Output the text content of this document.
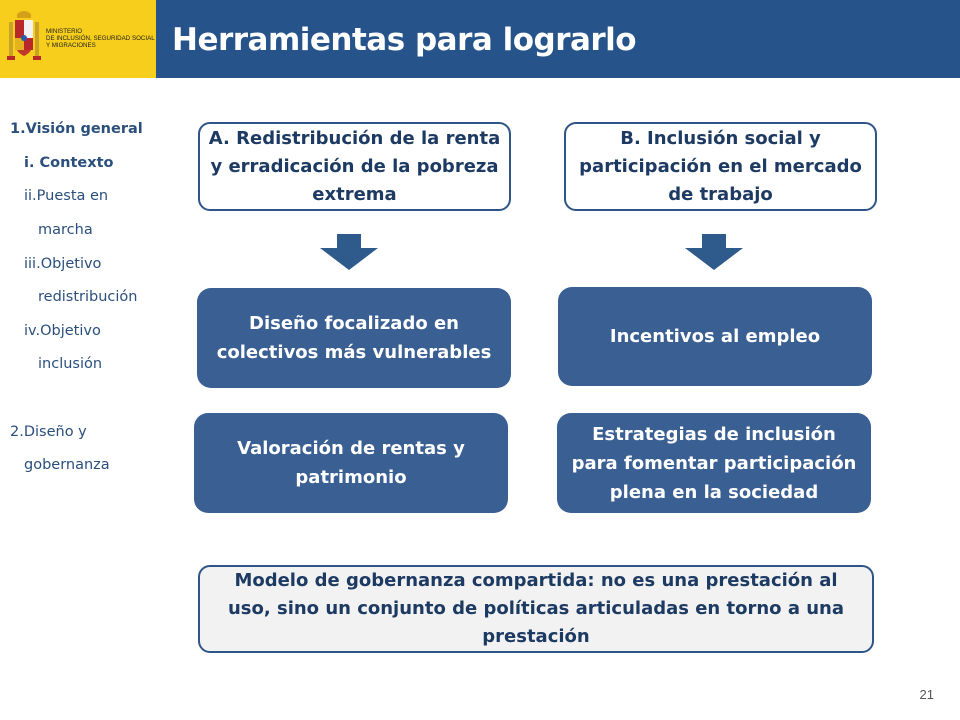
MINISTERIO
DE INCLUSIÓN, SEGURIDAD SOCIAL
Y MIGRACIONES	Herramientas para lograrlo
1.Visión general
i. Contexto
ii.Puesta en
marcha
iii.Objetivo
redistribución
iv.Objetivo
inclusión
2.Diseño y
gobernanza
A. Redistribución de la renta y erradicación de la pobreza extrema
B. Inclusión social y participación en el mercado de trabajo
Diseño focalizado en colectivos más vulnerables
Incentivos al empleo
Valoración de rentas y patrimonio
Estrategias de inclusión para fomentar participación plena en la sociedad
Modelo de gobernanza compartida: no es una prestación al uso, sino un conjunto de políticas articuladas en torno a una prestación
21
